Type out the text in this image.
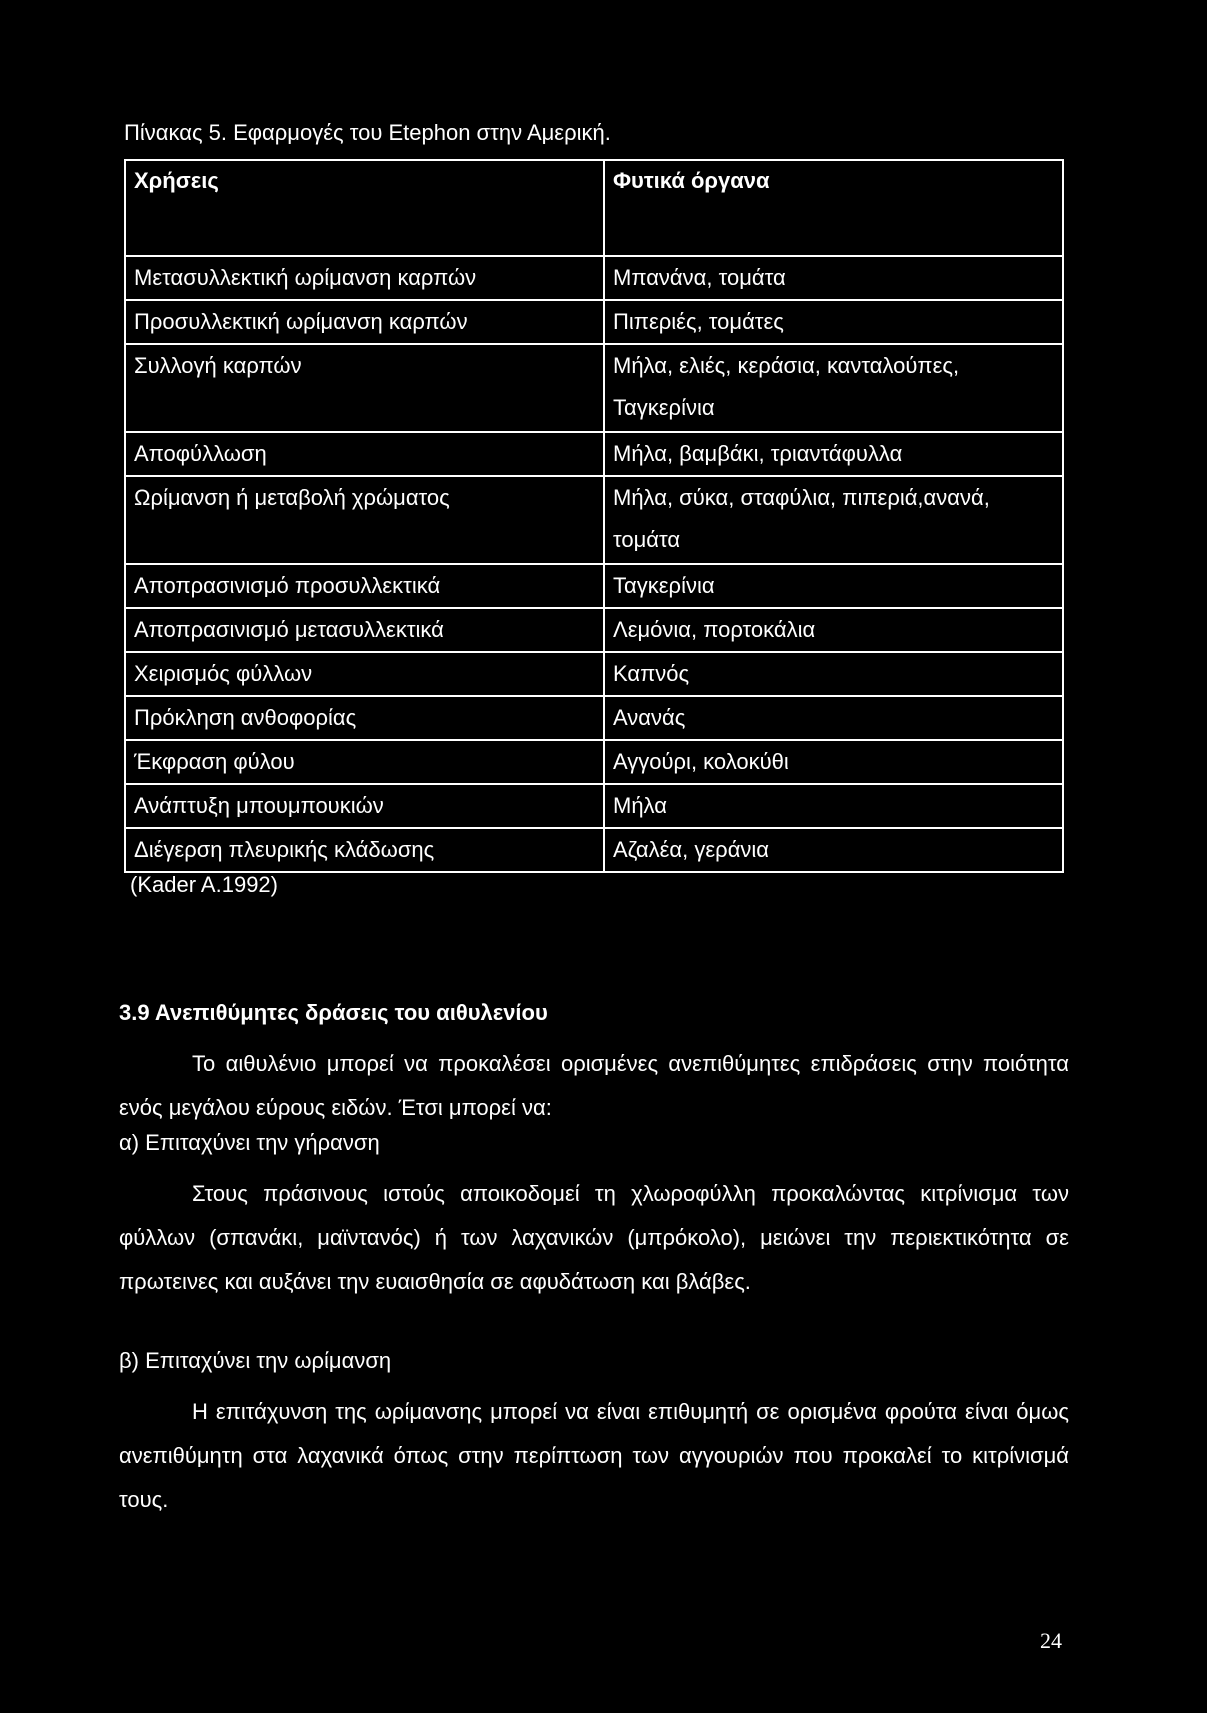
Πίνακας 5. Εφαρμογές του Etephon στην Αμερική.
Χρήσεις	Φυτικά όργανα
Μετασυλλεκτική ωρίμανση καρπών	Μπανάνα, τομάτα
Προσυλλεκτική ωρίμανση καρπών	Πιπεριές, τομάτες
Συλλογή καρπών	Μήλα, ελιές, κεράσια, κανταλούπες, Ταγκερίνια
Αποφύλλωση	Μήλα, βαμβάκι, τριαντάφυλλα
Ωρίμανση ή μεταβολή χρώματος	Μήλα, σύκα, σταφύλια, πιπεριά,ανανά, τομάτα
Αποπρασινισμό προσυλλεκτικά	Ταγκερίνια
Αποπρασινισμό μετασυλλεκτικά	Λεμόνια, πορτοκάλια
Χειρισμός φύλλων	Καπνός
Πρόκληση ανθοφορίας	Ανανάς
Έκφραση φύλου	Αγγούρι, κολοκύθι
Ανάπτυξη μπουμπουκιών	Μήλα
Διέγερση πλευρικής κλάδωσης	Αζαλέα, γεράνια
(Kader A.1992)
3.9 Ανεπιθύμητες δράσεις του αιθυλενίου
Το αιθυλένιο μπορεί να προκαλέσει ορισμένες ανεπιθύμητες επιδράσεις στην ποιότητα ενός μεγάλου εύρους ειδών. Έτσι μπορεί να:
α) Επιταχύνει την γήρανση
Στους πράσινους ιστούς αποικοδομεί τη χλωροφύλλη προκαλώντας κιτρίνισμα των φύλλων (σπανάκι, μαϊντανός) ή των λαχανικών (μπρόκολο), μειώνει την περιεκτικότητα σε πρωτεινες και αυξάνει την ευαισθησία σε αφυδάτωση και βλάβες.
β) Επιταχύνει την ωρίμανση
Η επιτάχυνση της ωρίμανσης μπορεί να είναι επιθυμητή σε ορισμένα φρούτα είναι όμως ανεπιθύμητη στα λαχανικά όπως στην περίπτωση των αγγουριών που προκαλεί το κιτρίνισμά τους.
24
